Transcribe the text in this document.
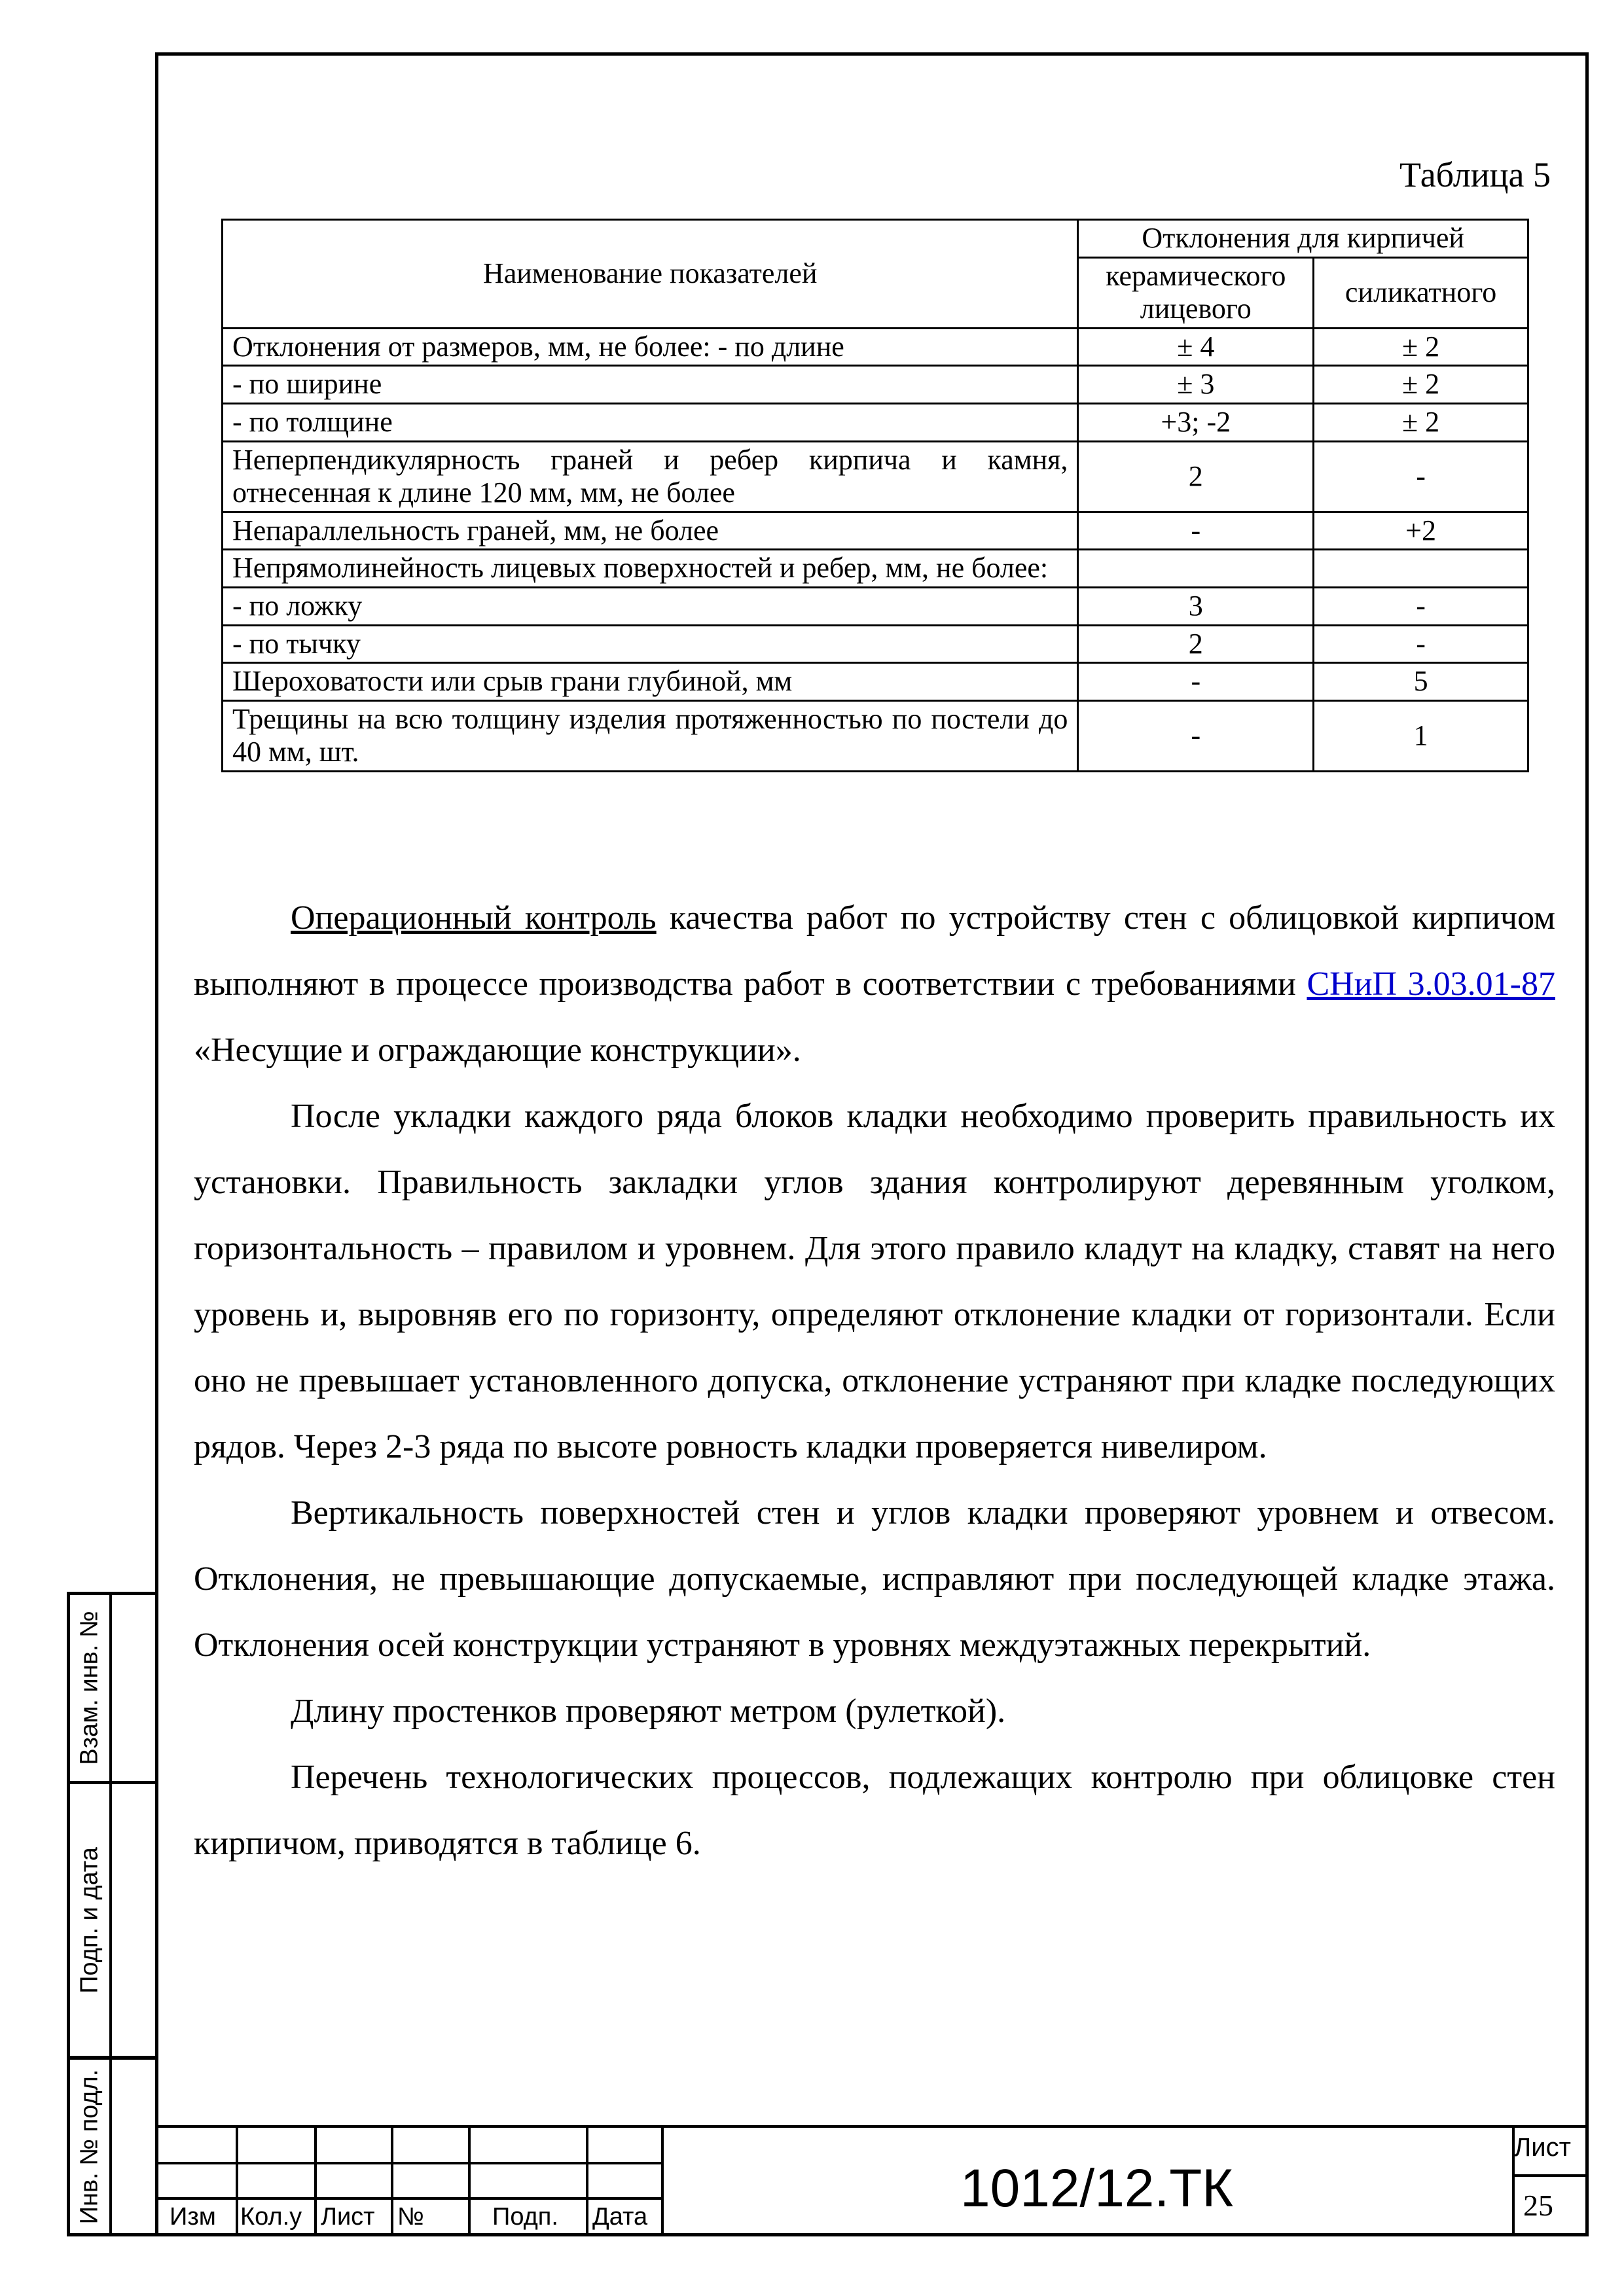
Взам. инв. №
Подп. и дата
Инв. № подл.
Таблица 5
Наименование показателей	Отклонения для кирпичей	
	керамического лицевого	силикатного
Отклонения от размеров, мм, не более: - по длине	± 4	± 2
- по ширине	± 3	± 2
- по толщине	+3; -2	± 2
Неперпендикулярность граней и ребер кирпича и камня, отнесенная к длине 120 мм, мм, не более	2	-
Непараллельность граней, мм, не более	-	+2
Непрямолинейность лицевых поверхностей и ребер, мм, не более:		
- по ложку	3	-
- по тычку	2	-
Шероховатости или срыв грани глубиной, мм	-	5
Трещины на всю толщину изделия протяженностью по постели до 40 мм, шт.	-	1

Операционный контроль качества работ по устройству стен с облицовкой кирпичом выполняют в процессе производства работ в соответствии с требованиями СНиП 3.03.01-87 «Несущие и ограждающие конструкции».

После укладки каждого ряда блоков кладки необходимо проверить правильность их установки. Правильность закладки углов здания контролируют деревянным уголком, горизонтальность – правилом и уровнем. Для этого правило кладут на кладку, ставят на него уровень и, выровняв его по горизонту, определяют отклонение кладки от горизонтали. Если оно не превышает установленного допуска, отклонение устраняют при кладке последующих рядов. Через 2-3 ряда по высоте ровность кладки проверяется нивелиром.

Вертикальность поверхностей стен и углов кладки проверяют уровнем и отвесом. Отклонения, не превышающие допускаемые, исправляют при последующей кладке этажа. Отклонения осей конструкции устраняют в уровнях междуэтажных перекрытий.

Длину простенков проверяют метром (рулеткой).

Перечень технологических процессов, подлежащих контролю при облицовке стен кирпичом, приводятся в таблице 6.

Изм Кол.у Лист №	Подп. Дата	1012/12.ТК
Лист
25
